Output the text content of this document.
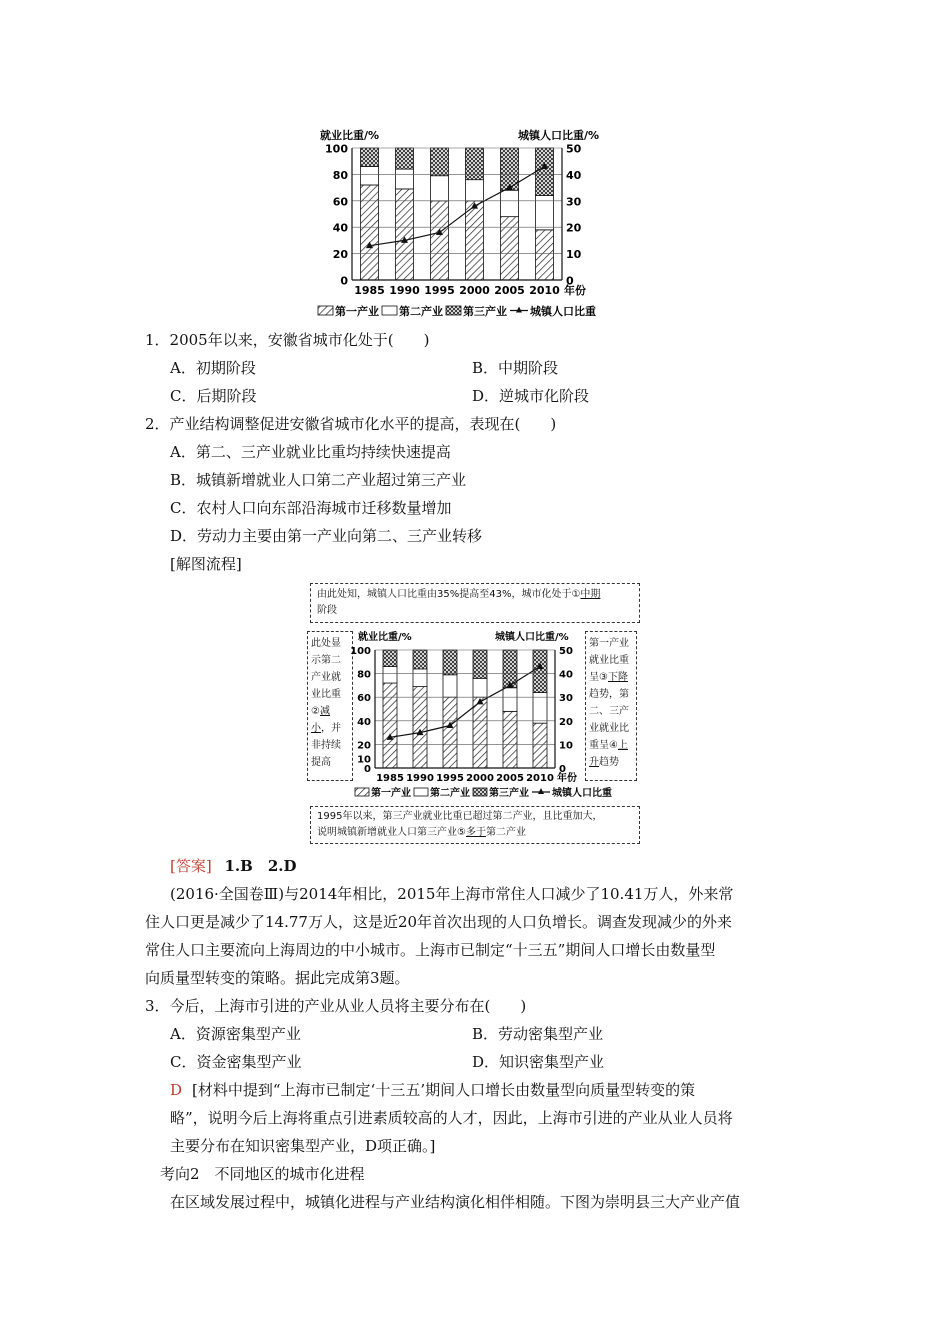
就业比重/%	城镇人口比重/%
1985 1990 1995 2000 2005 2010 年份
0
20
40
60
80
100
0
10
20
30
40
50
第一产业 第二产业 第三产业 城镇人口比重
1．2005年以来，安徽省城市化处于(　　)
A．初期阶段	B．中期阶段
C．后期阶段	D．逆城市化阶段
2．产业结构调整促进安徽省城市化水平的提高，表现在(　　)
A．第二、三产业就业比重均持续快速提高
B．城镇新增就业人口第二产业超过第三产业
C．农村人口向东部沿海城市迁移数量增加
D．劳动力主要由第一产业向第二、三产业转移
[解图流程]
由此处知，城镇人口比重由35%提高至43%，城市化处于①中期
阶段
此处显示第二产业就业比重②减小，并非持续提高
第一产业就业比重呈③下降趋势，第二、三产业就业比重呈④上升趋势
就业比重/%	城镇人口比重/%
1985 1990 1995 2000 2005 2010 年份
0
10
20
40
60
80
100
0
10
20
30
40
50
第一产业 第二产业 第三产业 城镇人口比重
1995年以来，第三产业就业比重已超过第二产业，且比重加大，
说明城镇新增就业人口第三产业⑤多于第二产业
[答案] 1.B　2.D
(2016·全国卷Ⅲ)与2014年相比，2015年上海市常住人口减少了10.41万人，外来常
住人口更是减少了14.77万人，这是近20年首次出现的人口负增长。调查发现减少的外来
常住人口主要流向上海周边的中小城市。上海市已制定“十三五”期间人口增长由数量型
向质量型转变的策略。据此完成第3题。
3．今后，上海市引进的产业从业人员将主要分布在(　　)
A．资源密集型产业	B．劳动密集型产业
C．资金密集型产业	D．知识密集型产业
D [材料中提到“上海市已制定‘十三五’期间人口增长由数量型向质量型转变的策
略”，说明今后上海将重点引进素质较高的人才，因此，上海市引进的产业从业人员将
主要分布在知识密集型产业，D项正确。]
考向2　不同地区的城市化进程
在区域发展过程中，城镇化进程与产业结构演化相伴相随。下图为崇明县三大产业产值
